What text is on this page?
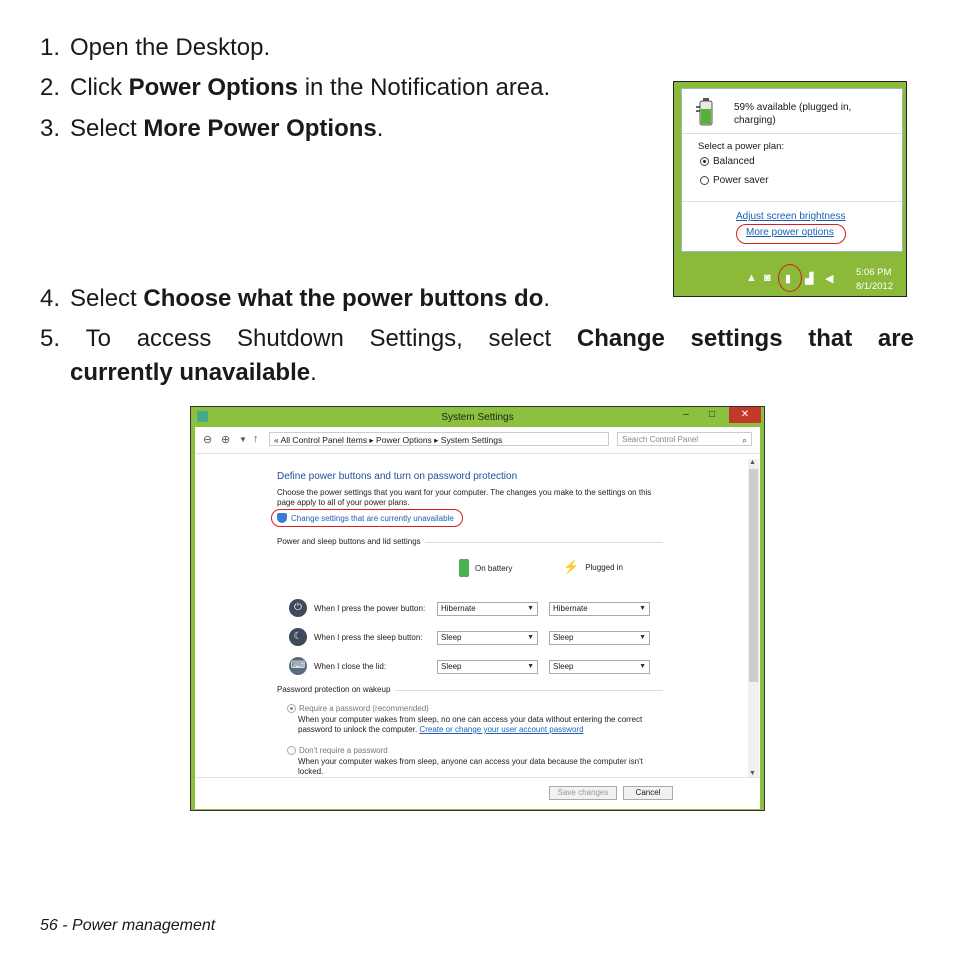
1. Open the Desktop.
2. Click Power Options in the Notification area.
3. Select More Power Options.
4. Select Choose what the power buttons do.
5. To access Shutdown Settings, select Change settings that are
currently unavailable.
59% available (plugged in, charging)
Select a power plan:
Balanced
Power saver
Adjust screen brightness
More power options
▲ ◙ ▮ ▟ ◀
5:06 PM
8/1/2012
System Settings	–	□	✕
⊖ ⊕ ▼ ↑	« All Control Panel Items ▸ Power Options ▸ System Settings	Search Control Panel	⌕
▲
▼
Define power buttons and turn on password protection
Choose the power settings that you want for your computer. The changes you make to the settings on this page apply to all of your power plans.
Change settings that are currently unavailable
Power and sleep buttons and lid settings
On battery	⚡ Plugged in
⏻	When I press the power button:	Hibernate	▼	Hibernate	▼
☾	When I press the sleep button:	Sleep	▼	Sleep	▼
⌨ When I close the lid:	Sleep	▼	Sleep	▼
Password protection on wakeup
Require a password (recommended)
When your computer wakes from sleep, no one can access your data without entering the correct password to unlock the computer. Create or change your user account password
Don't require a password
When your computer wakes from sleep, anyone can access your data because the computer isn't locked.
Save changes	Cancel
56 - Power management
